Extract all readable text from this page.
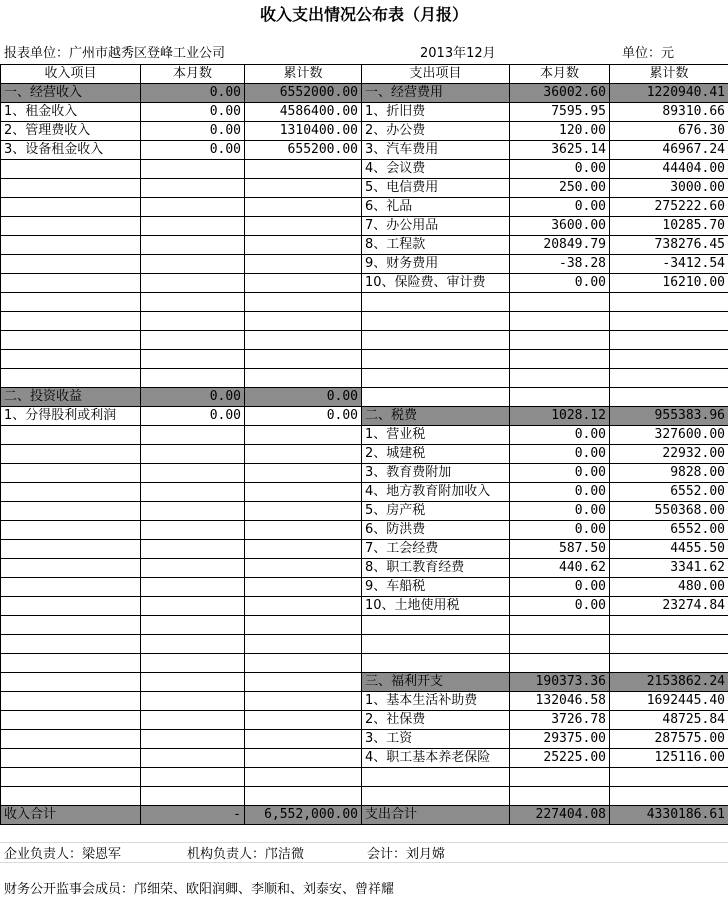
收入支出情况公布表（月报）
报表单位：广州市越秀区登峰工业公司	2013年12月	单位：元
收入项目	本月数	累计数	支出项目	本月数	累计数
一、经营收入	0.00	6552000.00	一、经营费用	36002.60	1220940.41
1、租金收入	0.00	4586400.00	1、折旧费	7595.95	89310.66
2、管理费收入	0.00	1310400.00	2、办公费	120.00	676.30
3、设备租金收入	0.00	655200.00	3、汽车费用	3625.14	46967.24
			4、会议费	0.00	44404.00
			5、电信费用	250.00	3000.00
			6、礼品	0.00	275222.60
			7、办公用品	3600.00	10285.70
			8、工程款	20849.79	738276.45
			9、财务费用	-38.28	-3412.54
			10、保险费、审计费	0.00	16210.00

二、投资收益	0.00	0.00			
1、分得股利或利润	0.00	0.00	二、税费	1028.12	955383.96
			1、营业税	0.00	327600.00
			2、城建税	0.00	22932.00
			3、教育费附加	0.00	9828.00
			4、地方教育附加收入	0.00	6552.00
			5、房产税	0.00	550368.00
			6、防洪费	0.00	6552.00
			7、工会经费	587.50	4455.50
			8、职工教育经费	440.62	3341.62
			9、车船税	0.00	480.00
			10、土地使用税	0.00	23274.84

			三、福利开支	190373.36	2153862.24
			1、基本生活补助费	132046.58	1692445.40
			2、社保费	3726.78	48725.84
			3、工资	29375.00	287575.00
			4、职工基本养老保险	25225.00	125116.00

收入合计	-	6,552,000.00	支出合计	227404.08	4330186.61
企业负责人：梁恩军	机构负责人：邝洁微	会计：刘月嫦
财务公开监事会成员：邝细荣、欧阳润卿、李顺和、刘泰安、曾祥耀
